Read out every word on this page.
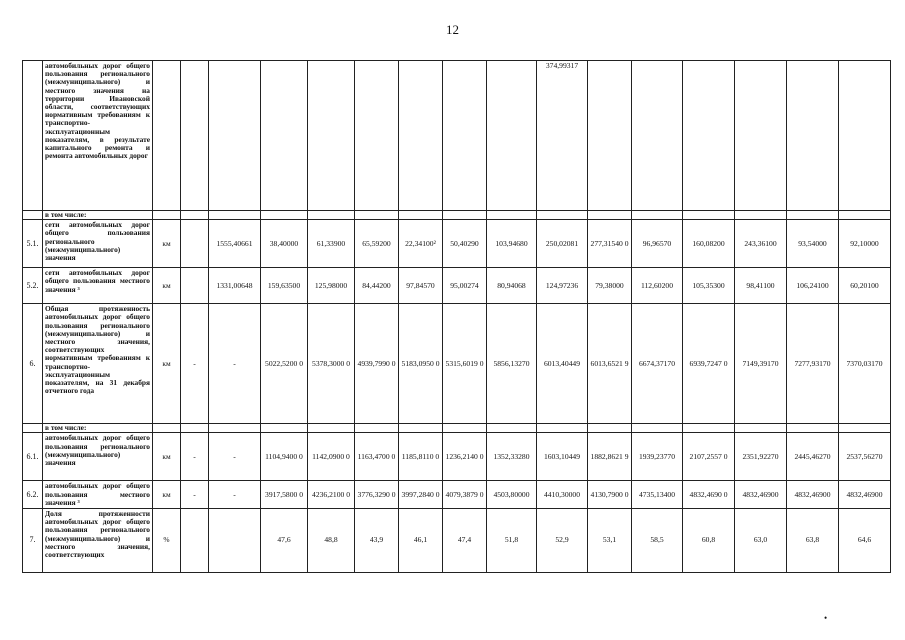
12
	автомобильных дорог общего пользования регионального (межмуниципального) и местного значения на территории Ивановской области, соответствующих нормативным требованиям к транспортно-эксплуатационным показателям, в результате капитального ремонта и ремонта автомобильных дорог										374,99317						
	в том числе:																
5.1.	сети автомобильных дорог общего пользования регионального (межмуниципального) значения	км		1555,40661	38,40000	61,33900	65,59200	22,34100²	50,40290	103,94680	250,02081	277,31540 0	96,96570	160,08200	243,36100	93,54000	92,10000
5.2.	сети автомобильных дорог общего пользования местного значения ³	км		1331,00648	159,63500	125,98000	84,44200	97,84570	95,00274	80,94068	124,97236	79,38000	112,60200	105,35300	98,41100	106,24100	60,20100
6.	Общая протяженность автомобильных дорог общего пользования регионального (межмуниципального) и местного значения, соответствующих нормативным требованиям к транспортно-эксплуатационным показателям, на 31 декабря отчетного года	км	-	-	5022,5200 0	5378,3000 0	4939,7990 0	5183,0950 0	5315,6019 0	5856,13270	6013,40449	6013,6521 9	6674,37170	6939,7247 0	7149,39170	7277,93170	7370,03170
	в том числе:																
6.1.	автомобильных дорог общего пользования регионального (межмуниципального) значения	км	-	-	1104,9400 0	1142,0900 0	1163,4700 0	1185,8110 0	1236,2140 0	1352,33280	1603,10449	1882,8621 9	1939,23770	2107,2557 0	2351,92270	2445,46270	2537,56270
6.2.	автомобильных дорог общего пользования местного значения ³	км	-	-	3917,5800 0	4236,2100 0	3776,3290 0	3997,2840 0	4079,3879 0	4503,80000	4410,30000	4130,7900 0	4735,13400	4832,4690 0	4832,46900	4832,46900	4832,46900
7.	Доля протяженности автомобильных дорог общего пользования регионального (межмуниципального) и местного значения, соответствующих	%			47,6	48,8	43,9	46,1	47,4	51,8	52,9	53,1	58,5	60,8	63,0	63,8	64,6
•
